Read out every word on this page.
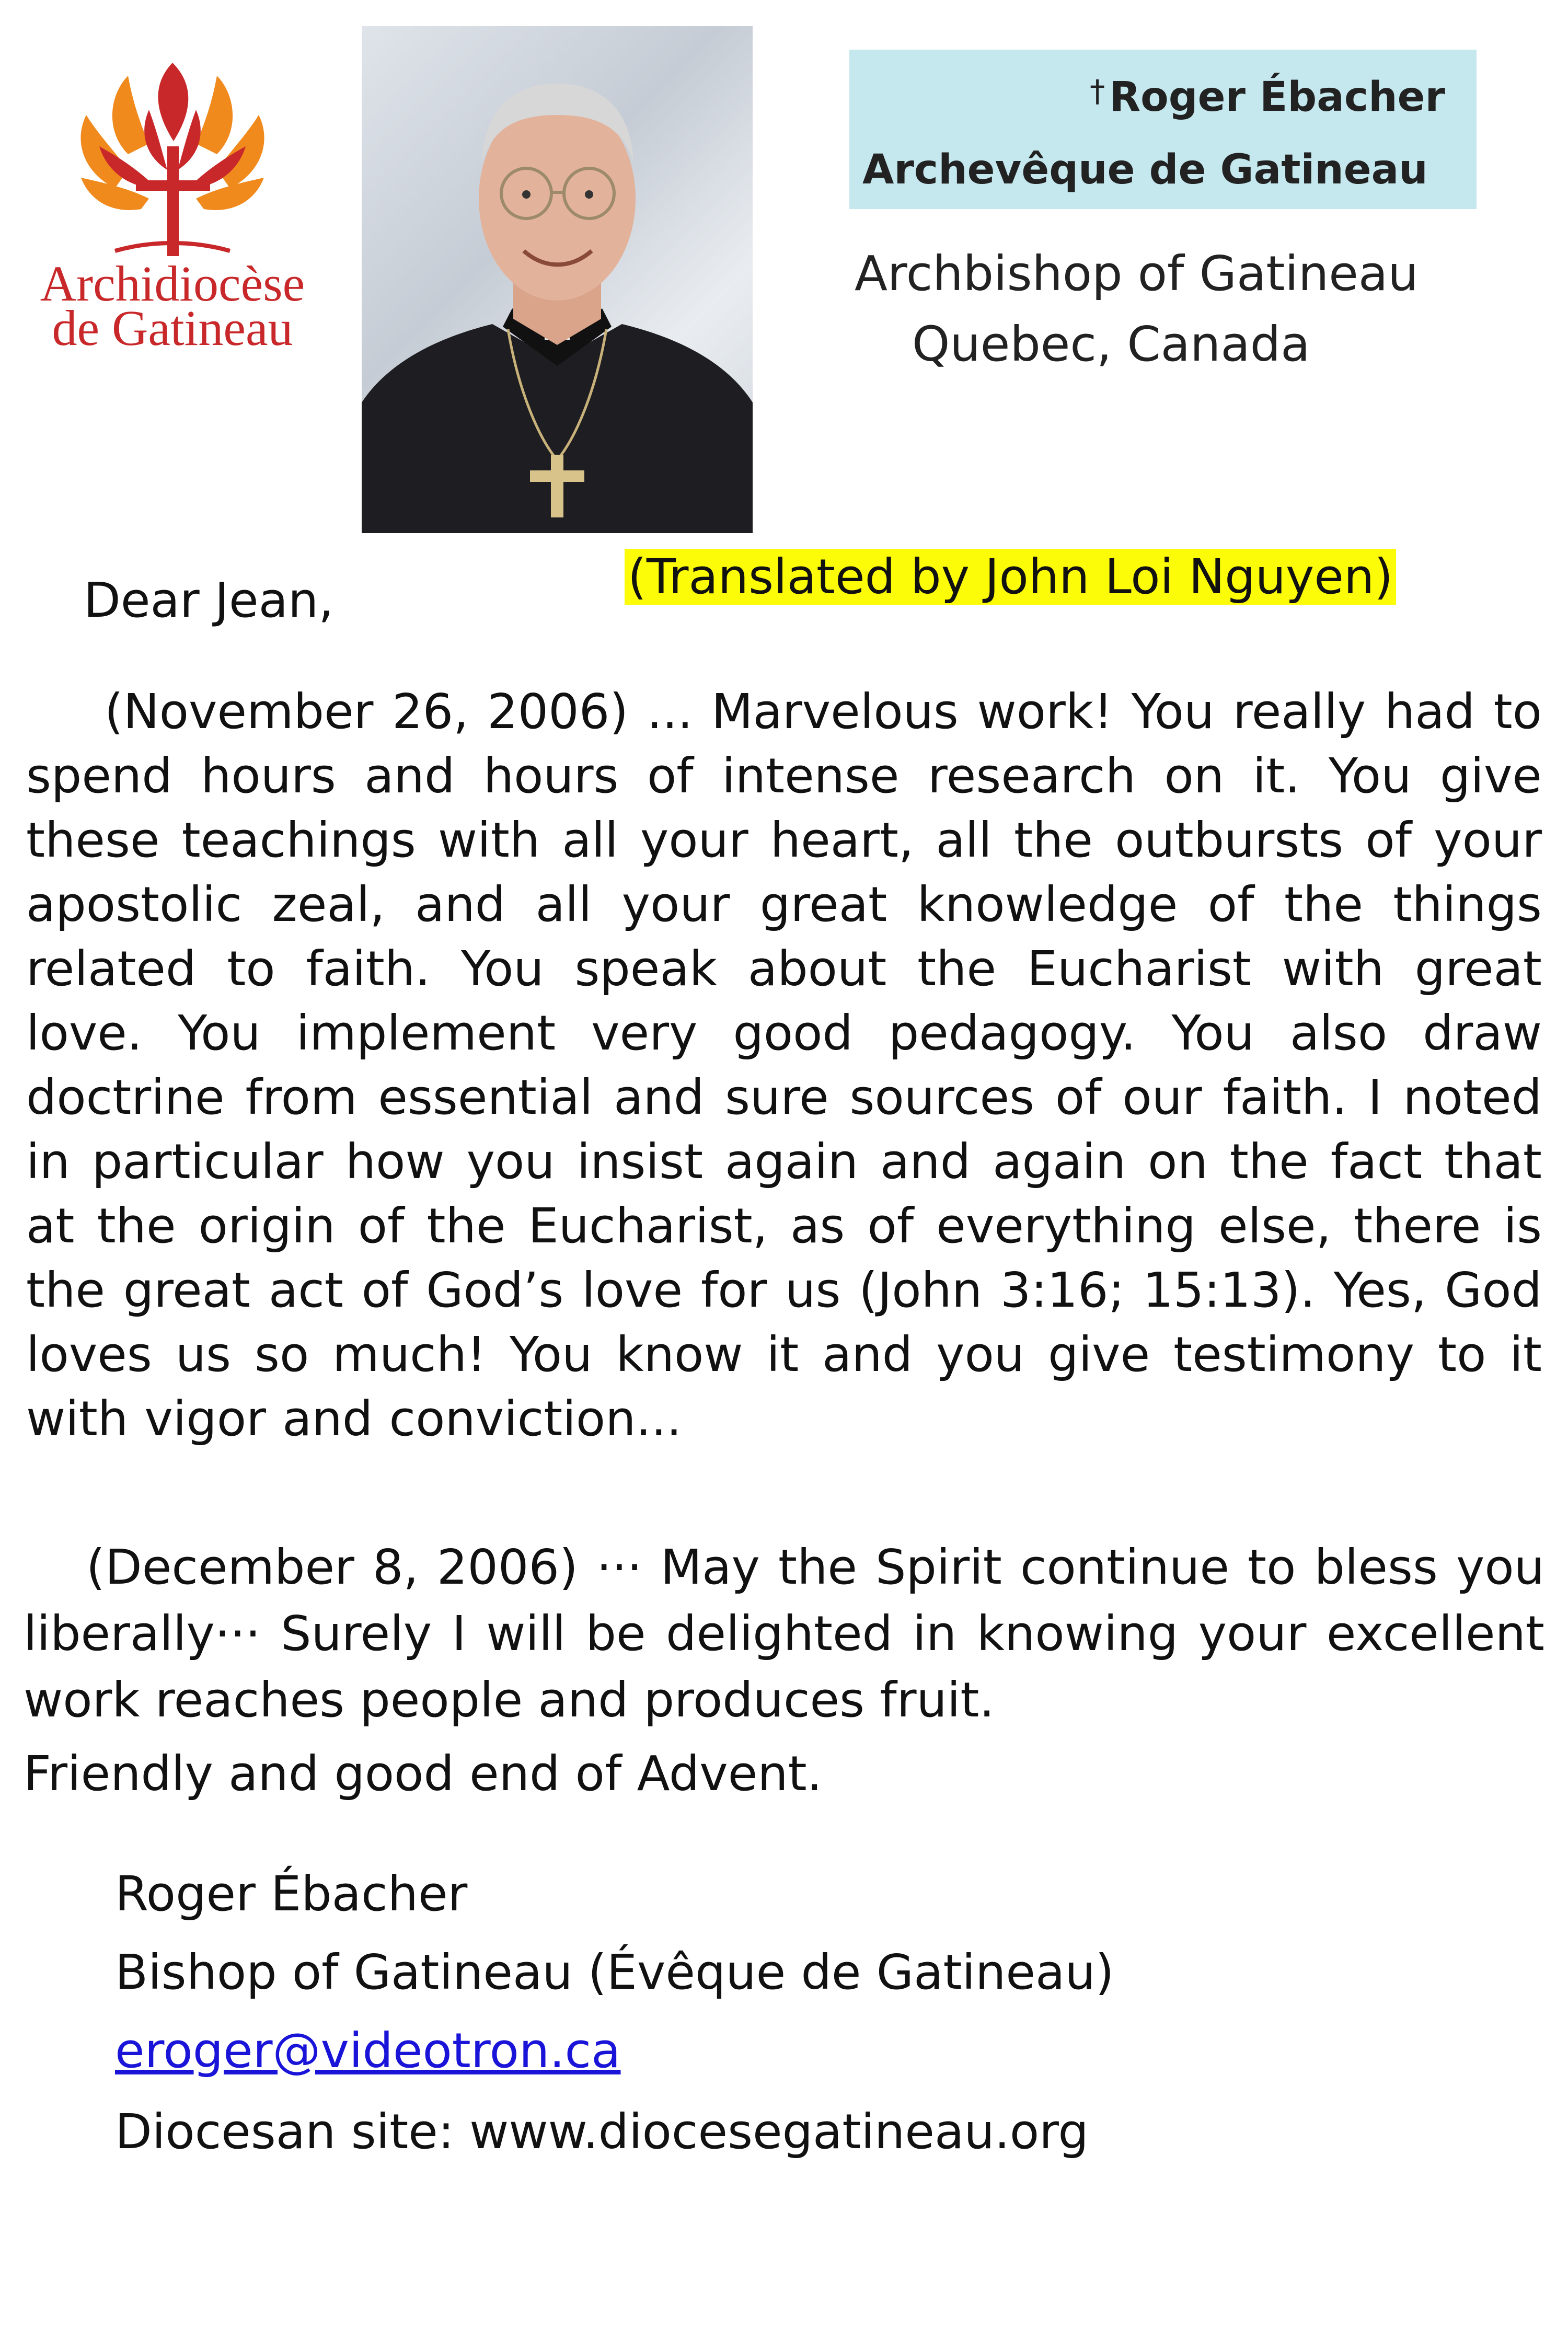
Archidiocèse
de Gatineau
† Roger Ébacher
Archevêque de Gatineau
Archbishop of Gatineau
Quebec, Canada
Dear Jean,	(Translated by John Loi Nguyen)

(November 26, 2006) ... Marvelous work! You really had to spend hours and hours of intense research on it. You give these teachings with all your heart, all the outbursts of your apostolic zeal, and all your great knowledge of the things related to faith. You speak about the Eucharist with great love. You implement very good pedagogy. You also draw doctrine from essential and sure sources of our faith. I noted in particular how you insist again and again on the fact that at the origin of the Eucharist, as of everything else, there is the great act of God’s love for us (John 3:16; 15:13). Yes, God loves us so much! You know it and you give testimony to it with vigor and conviction...

(December 8, 2006) ··· May the Spirit continue to bless you liberally··· Surely I will be delighted in knowing your excellent work reaches people and produces fruit.

Friendly and good end of Advent.
Roger Ébacher
Bishop of Gatineau (Évêque de Gatineau)
eroger@videotron.ca
Diocesan site: www.diocesegatineau.org
